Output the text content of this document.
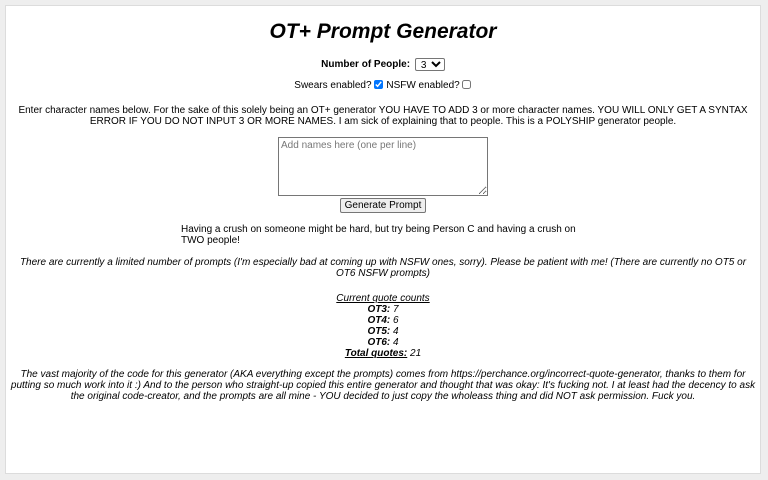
OT+ Prompt Generator
Number of People:
3
Swears enabled? NSFW enabled?
Enter character names below. For the sake of this solely being an OT+ generator YOU HAVE TO ADD 3 or more character names. YOU WILL ONLY GET A SYNTAX ERROR IF YOU DO NOT INPUT 3 OR MORE NAMES. I am sick of explaining that to people. This is a POLYSHIP generator people.
Add names here (one per line)
Generate Prompt
Having a crush on someone might be hard, but try being Person C and having a crush on TWO people!
There are currently a limited number of prompts (I'm especially bad at coming up with NSFW ones, sorry). Please be patient with me! (There are currently no OT5 or OT6 NSFW prompts)
Current quote counts
OT3: 7
OT4: 6
OT5: 4
OT6: 4
Total quotes: 21
The vast majority of the code for this generator (AKA everything except the prompts) comes from https://perchance.org/incorrect-quote-generator, thanks to them for putting so much work into it :) And to the person who straight-up copied this entire generator and thought that was okay: It's fucking not. I at least had the decency to ask the original code-creator, and the prompts are all mine - YOU decided to just copy the wholeass thing and did NOT ask permission. Fuck you.
